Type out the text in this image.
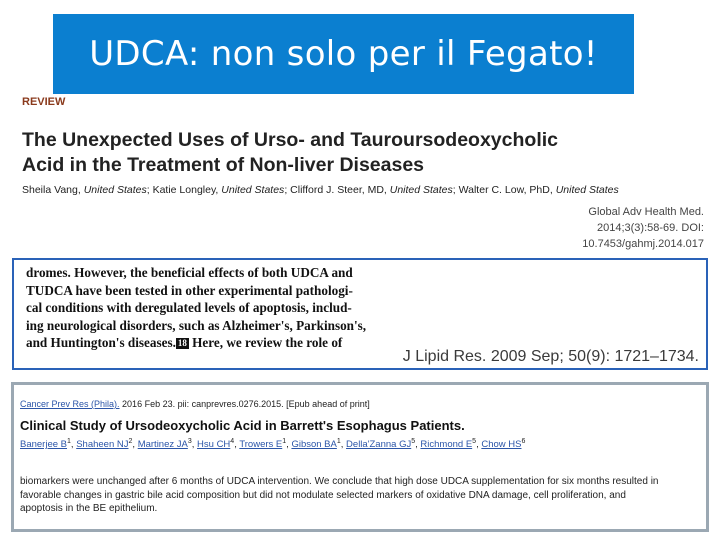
UDCA: non solo per il Fegato!
REVIEW
The Unexpected Uses of Urso- and Tauroursodeoxycholic
Acid in the Treatment of Non-liver Diseases
Sheila Vang, United States; Katie Longley, United States; Clifford J. Steer, MD, United States; Walter C. Low, PhD, United States
Global Adv Health Med.
2014;3(3):58-69. DOI:
10.7453/gahmj.2014.017
dromes. However, the beneficial effects of both UDCA and
TUDCA have been tested in other experimental pathologi-
cal conditions with deregulated levels of apoptosis, includ-
ing neurological disorders, such as Alzheimer's, Parkinson's,
and Huntington's diseases. 18 Here, we review the role of
J Lipid Res. 2009 Sep; 50(9): 1721–1734.
Cancer Prev Res (Phila). 2016 Feb 23. pii: canprevres.0276.2015. [Epub ahead of print]
Clinical Study of Ursodeoxycholic Acid in Barrett's Esophagus Patients.
Banerjee $B^1$, Shaheen $NJ^2$, Martinez $JA^3$, Hsu $CH^4$, Trowers $E^1$, Gibson $BA^1$, Della'Zanna $GJ^5$, Richmond $E^5$, Chow $HS^6$
biomarkers were unchanged after 6 months of UDCA intervention. We conclude that high dose UDCA supplementation for six months resulted in
favorable changes in gastric bile acid composition but did not modulate selected markers of oxidative DNA damage, cell proliferation, and
apoptosis in the BE epithelium.
